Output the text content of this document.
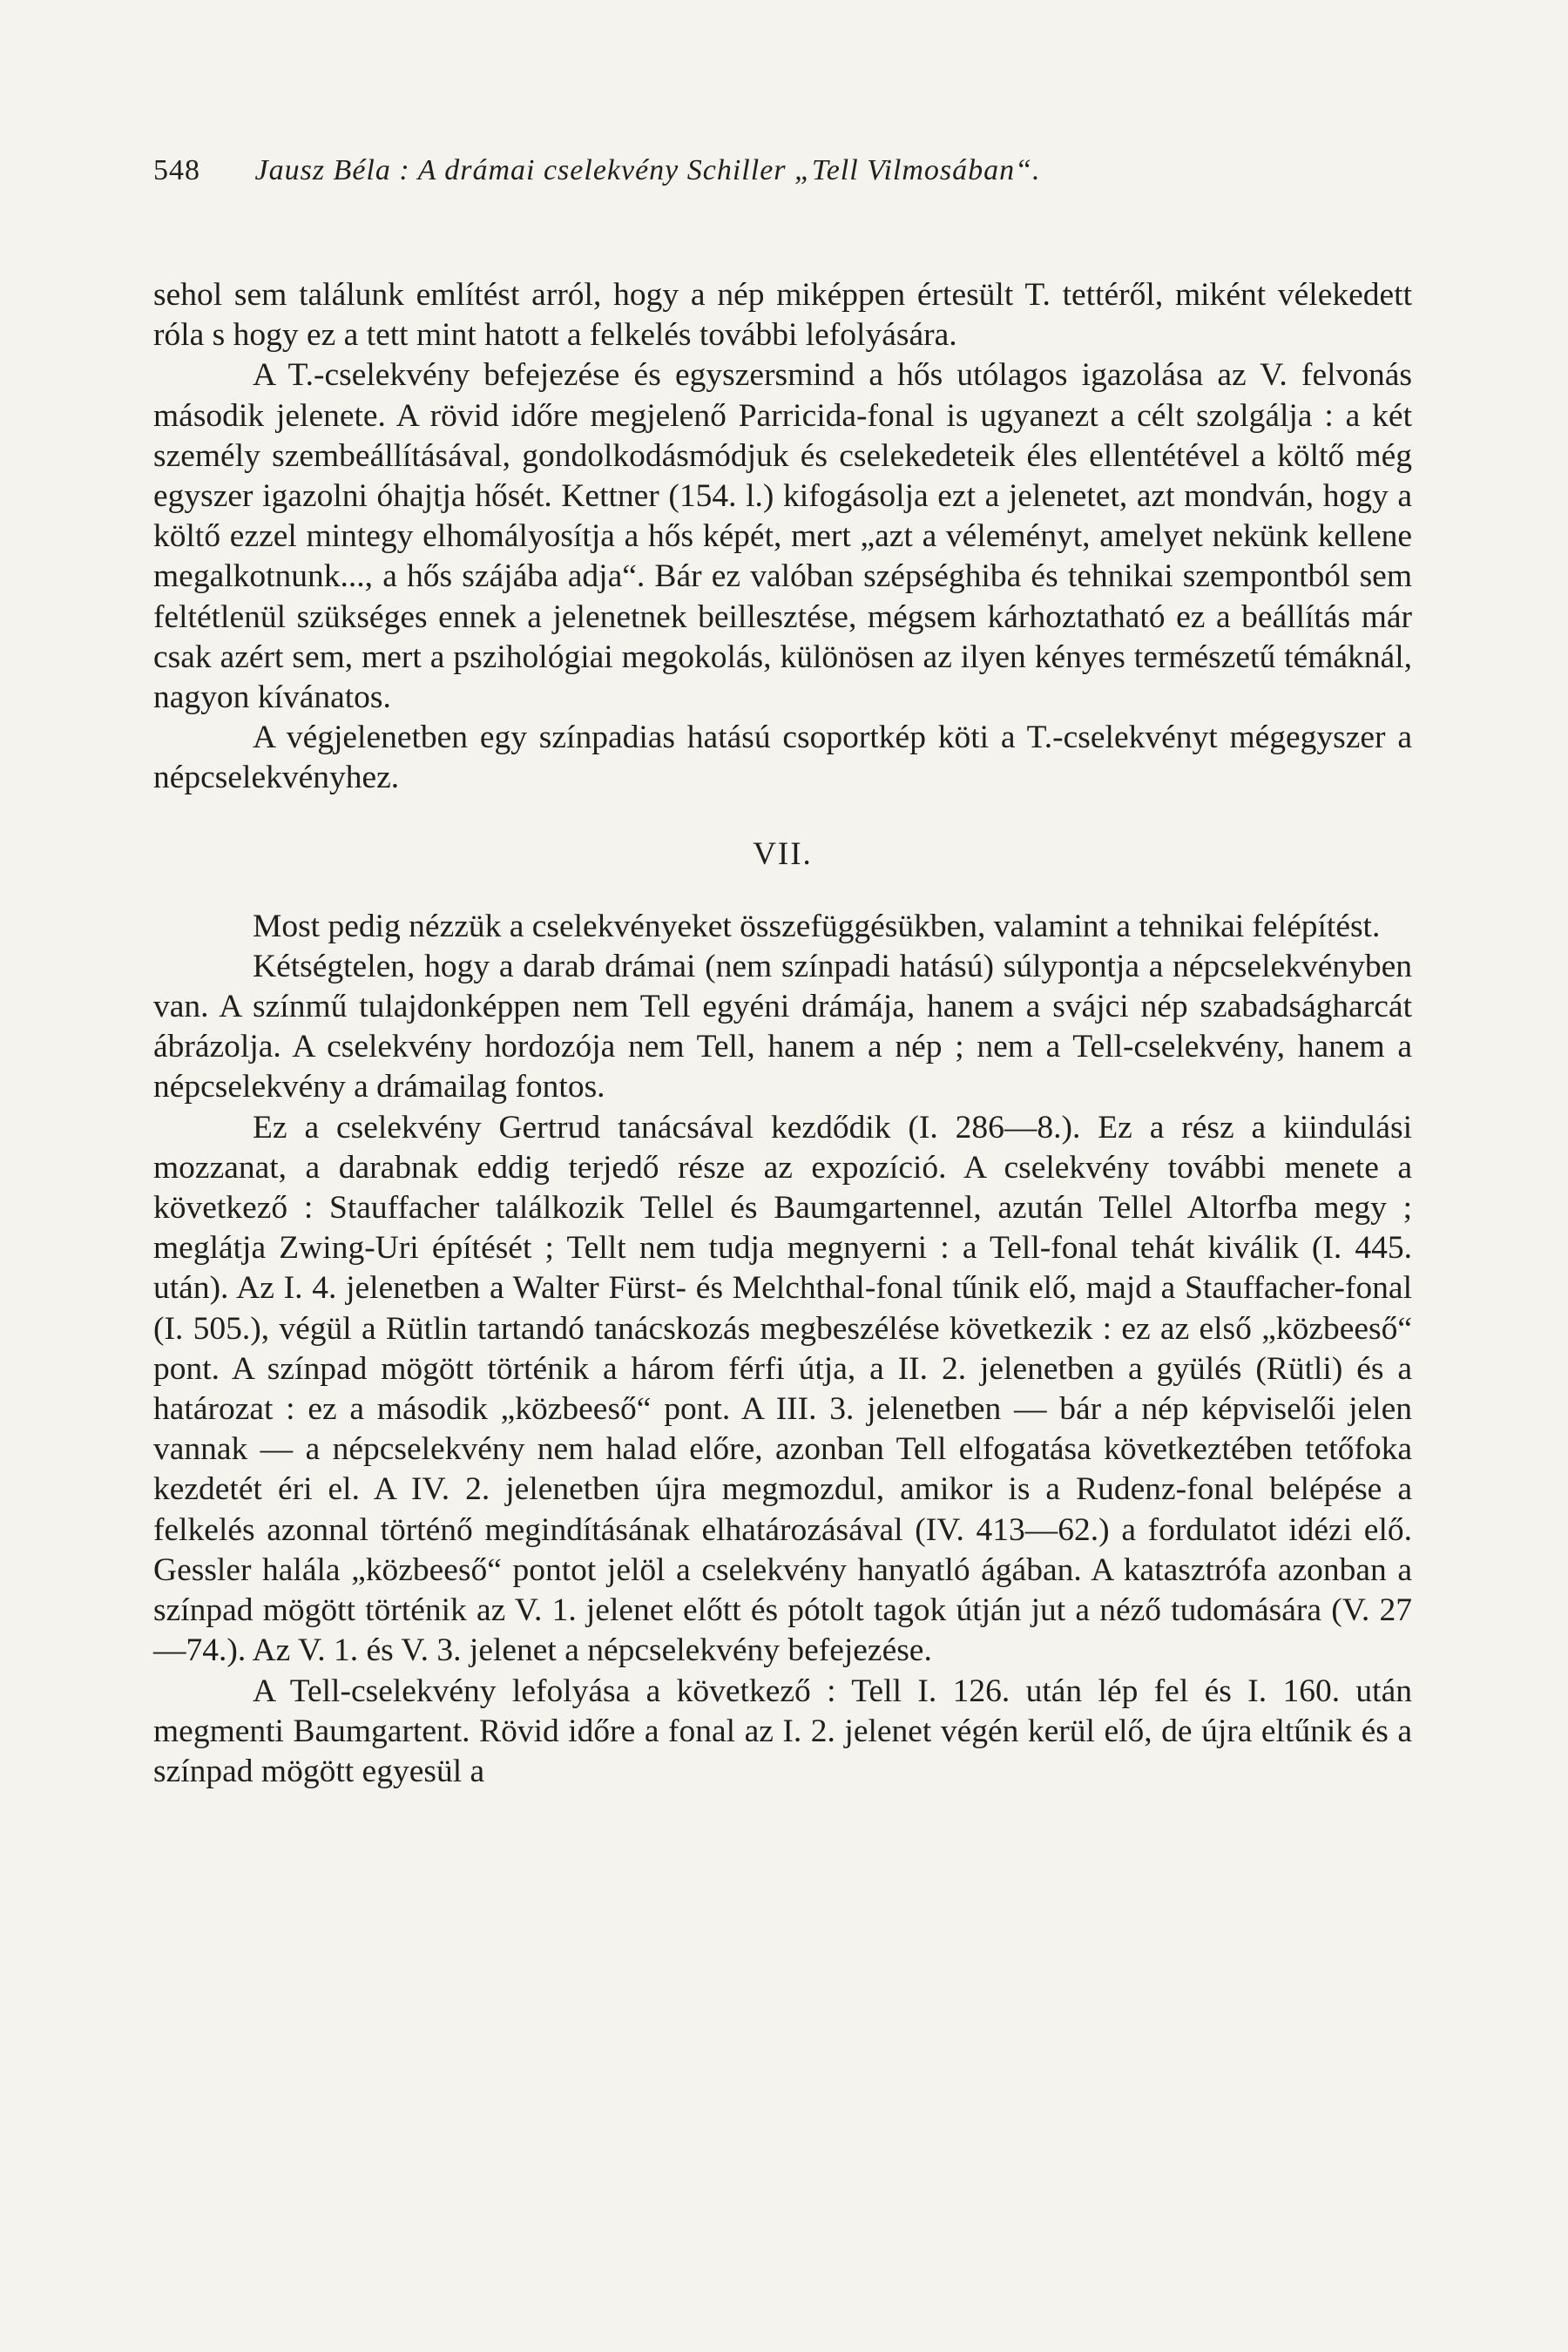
548 Jausz Béla : A drámai cselekvény Schiller „Tell Vilmosában“.

sehol sem találunk említést arról, hogy a nép miképpen értesült T. tettéről, miként vélekedett róla s hogy ez a tett mint hatott a felkelés további lefolyására.

A T.-cselekvény befejezése és egyszersmind a hős utólagos igazolása az V. felvonás második jelenete. A rövid időre megjelenő Parricida-fonal is ugyanezt a célt szolgálja : a két személy szembeállításával, gondolkodásmódjuk és cselekedeteik éles ellentétével a költő még egyszer igazolni óhajtja hősét. Kettner (154. l.) kifogásolja ezt a jelenetet, azt mondván, hogy a költő ezzel mintegy elhomályosítja a hős képét, mert „azt a véleményt, amelyet nekünk kellene megalkotnunk..., a hős szájába adja“. Bár ez valóban szépséghiba és tehnikai szempontból sem feltétlenül szükséges ennek a jelenetnek beillesztése, mégsem kárhoztatható ez a beállítás már csak azért sem, mert a pszihológiai megokolás, különösen az ilyen kényes természetű témáknál, nagyon kívánatos.

A végjelenetben egy színpadias hatású csoportkép köti a T.-cselekvényt mégegyszer a népcselekvényhez.

VII.

Most pedig nézzük a cselekvényeket összefüggésükben, valamint a tehnikai felépítést.

Kétségtelen, hogy a darab drámai (nem színpadi hatású) súlypontja a népcselekvényben van. A színmű tulajdonképpen nem Tell egyéni drámája, hanem a svájci nép szabadságharcát ábrázolja. A cselekvény hordozója nem Tell, hanem a nép ; nem a Tell-cselekvény, hanem a népcselekvény a drámailag fontos.

Ez a cselekvény Gertrud tanácsával kezdődik (I. 286—8.). Ez a rész a kiindulási mozzanat, a darabnak eddig terjedő része az expozíció. A cselekvény további menete a következő : Stauffacher találkozik Tellel és Baumgartennel, azután Tellel Altorfba megy ; meglátja Zwing-Uri építését ; Tellt nem tudja megnyerni : a Tell-fonal tehát kiválik (I. 445. után). Az I. 4. jelenetben a Walter Fürst- és Melchthal-fonal tűnik elő, majd a Stauffacher-fonal (I. 505.), végül a Rütlin tartandó tanácskozás megbeszélése következik : ez az első „közbeeső“ pont. A színpad mögött történik a három férfi útja, a II. 2. jelenetben a gyülés (Rütli) és a határozat : ez a második „közbeeső“ pont. A III. 3. jelenetben — bár a nép képviselői jelen vannak — a népcselekvény nem halad előre, azonban Tell elfogatása következtében tetőfoka kezdetét éri el. A IV. 2. jelenetben újra megmozdul, amikor is a Rudenz-fonal belépése a felkelés azonnal történő megindításának elhatározásával (IV. 413—62.) a fordulatot idézi elő. Gessler halála „közbeeső“ pontot jelöl a cselekvény hanyatló ágában. A katasztrófa azonban a színpad mögött történik az V. 1. jelenet előtt és pótolt tagok útján jut a néző tudomására (V. 27—74.). Az V. 1. és V. 3. jelenet a népcselekvény befejezése.

A Tell-cselekvény lefolyása a következő : Tell I. 126. után lép fel és I. 160. után megmenti Baumgartent. Rövid időre a fonal az I. 2. jelenet végén kerül elő, de újra eltűnik és a színpad mögött egyesül a
